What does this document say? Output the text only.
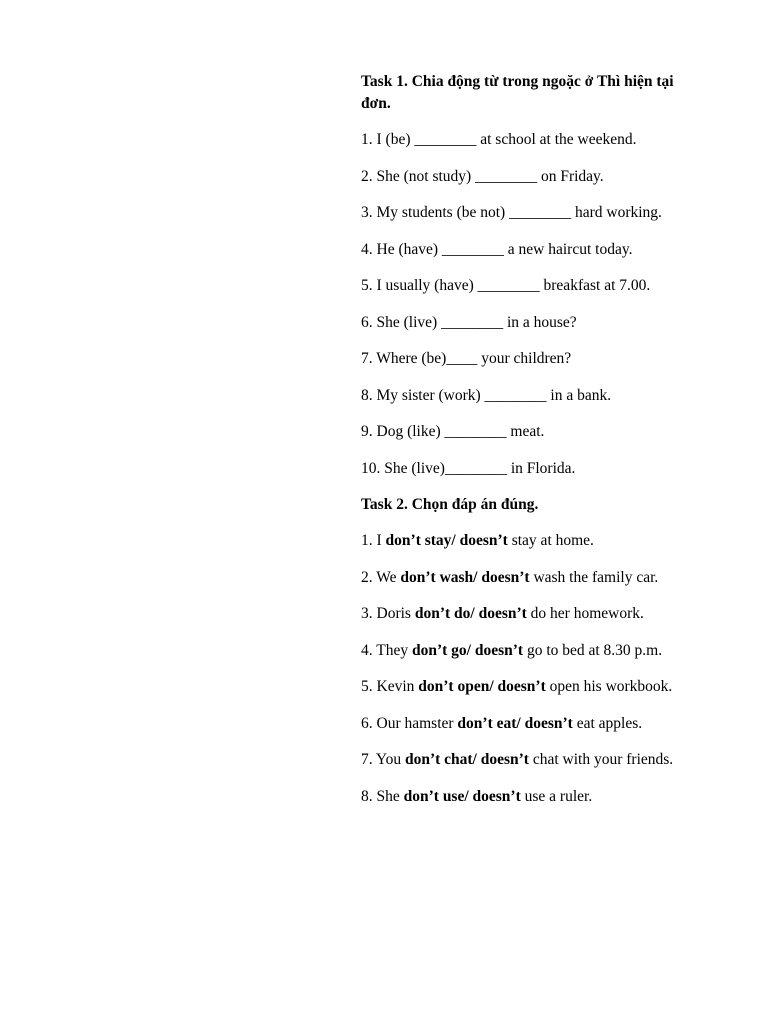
Task 1. Chia động từ trong ngoặc ở Thì hiện tại đơn.
1. I (be) ________ at school at the weekend.
2. She (not study) ________ on Friday.
3. My students (be not) ________ hard working.
4. He (have) ________ a new haircut today.
5. I usually (have) ________ breakfast at 7.00.
6. She (live) ________ in a house?
7. Where (be)____ your children?
8. My sister (work) ________ in a bank.
9. Dog (like) ________ meat.
10. She (live)________ in Florida.
Task 2. Chọn đáp án đúng.
1. I don’t stay/ doesn’t stay at home.
2. We don’t wash/ doesn’t wash the family car.
3. Doris don’t do/ doesn’t do her homework.
4. They don’t go/ doesn’t go to bed at 8.30 p.m.
5. Kevin don’t open/ doesn’t open his workbook.
6. Our hamster don’t eat/ doesn’t eat apples.
7. You don’t chat/ doesn’t chat with your friends.
8. She don’t use/ doesn’t use a ruler.
